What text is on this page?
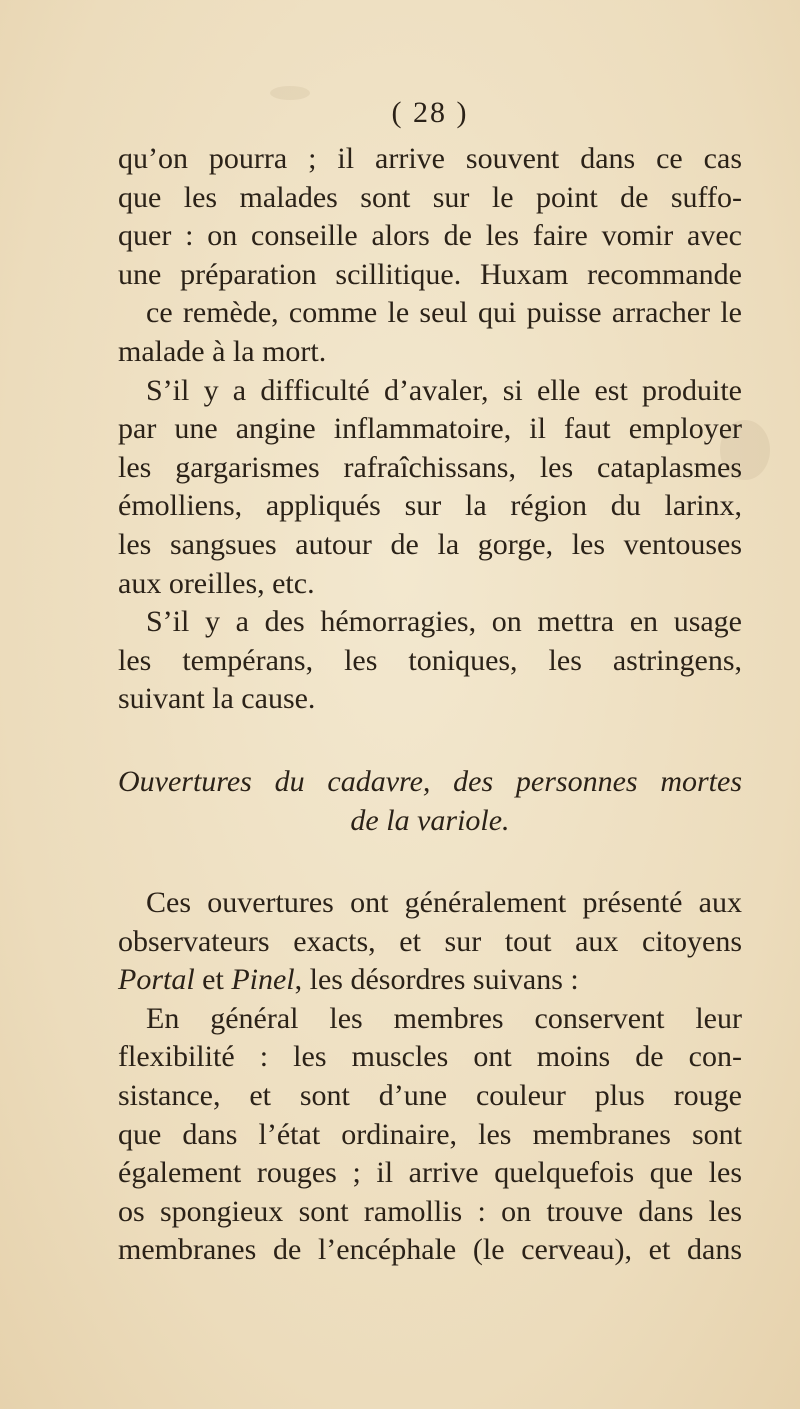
( 28 )
qu’on pourra ; il arrive souvent dans ce cas
que les malades sont sur le point de suffo-
quer : on conseille alors de les faire vomir avec
une préparation scillitique. Huxam recommande
ce remède, comme le seul qui puisse arracher le
malade à la mort.
S’il y a difficulté d’avaler, si elle est produite
par une angine inflammatoire, il faut employer
les gargarismes rafraîchissans, les cataplasmes
émolliens, appliqués sur la région du larinx,
les sangsues autour de la gorge, les ventouses
aux oreilles, etc.
S’il y a des hémorragies, on mettra en usage
les tempérans, les toniques, les astringens,
suivant la cause.
Ouvertures du cadavre, des personnes mortes
de la variole.
Ces ouvertures ont généralement présenté aux
observateurs exacts, et sur tout aux citoyens
Portal et Pinel, les désordres suivans :
En général les membres conservent leur
flexibilité : les muscles ont moins de con-
sistance, et sont d’une couleur plus rouge
que dans l’état ordinaire, les membranes sont
également rouges ; il arrive quelquefois que les
os spongieux sont ramollis : on trouve dans les
membranes de l’encéphale (le cerveau), et dans
